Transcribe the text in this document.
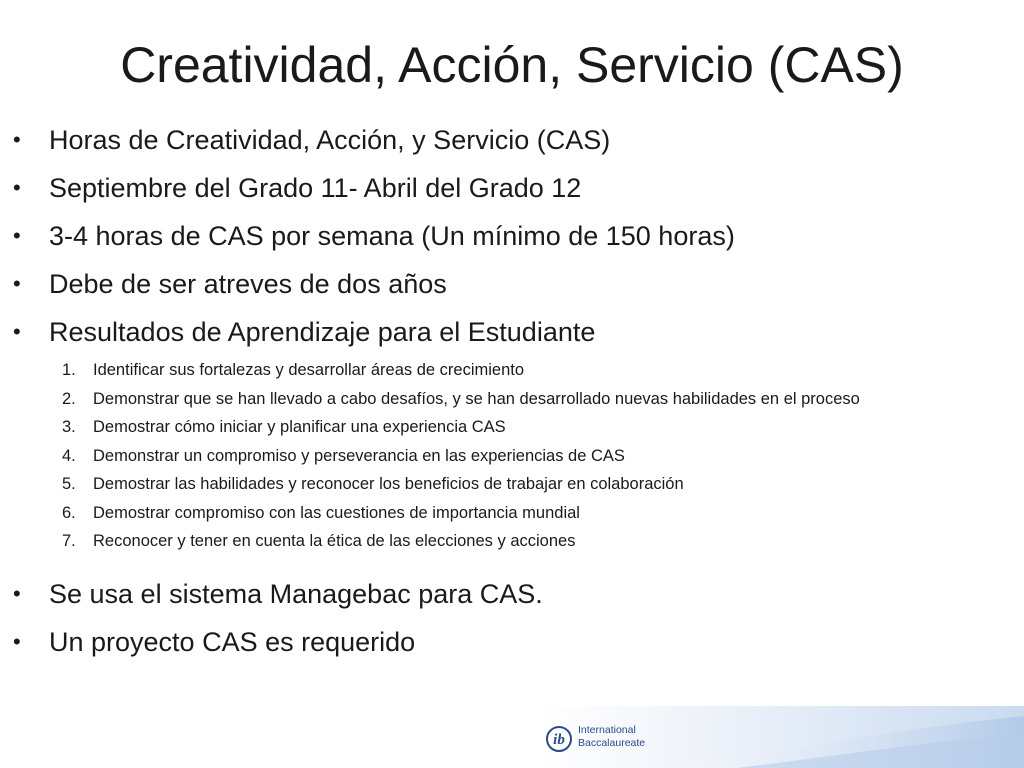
Creatividad, Acción, Servicio (CAS)
• Horas de Creatividad, Acción, y Servicio (CAS)
• Septiembre del Grado 11- Abril del Grado 12
• 3-4 horas de CAS por semana (Un mínimo de 150 horas)
• Debe de ser atreves de dos años
• Resultados de Aprendizaje para el Estudiante
1. Identificar sus fortalezas y desarrollar áreas de crecimiento
2. Demonstrar que se han llevado a cabo desafíos, y se han desarrollado nuevas habilidades en el proceso
3. Demostrar cómo iniciar y planificar una experiencia CAS
4. Demonstrar un compromiso y perseverancia en las experiencias de CAS
5. Demostrar las habilidades y reconocer los beneficios de trabajar en colaboración
6. Demostrar compromiso con las cuestiones de importancia mundial
7. Reconocer y tener en cuenta la ética de las elecciones y acciones
• Se usa el sistema Managebac para CAS.
• Un proyecto CAS es requerido
ib
International
Baccalaureate
